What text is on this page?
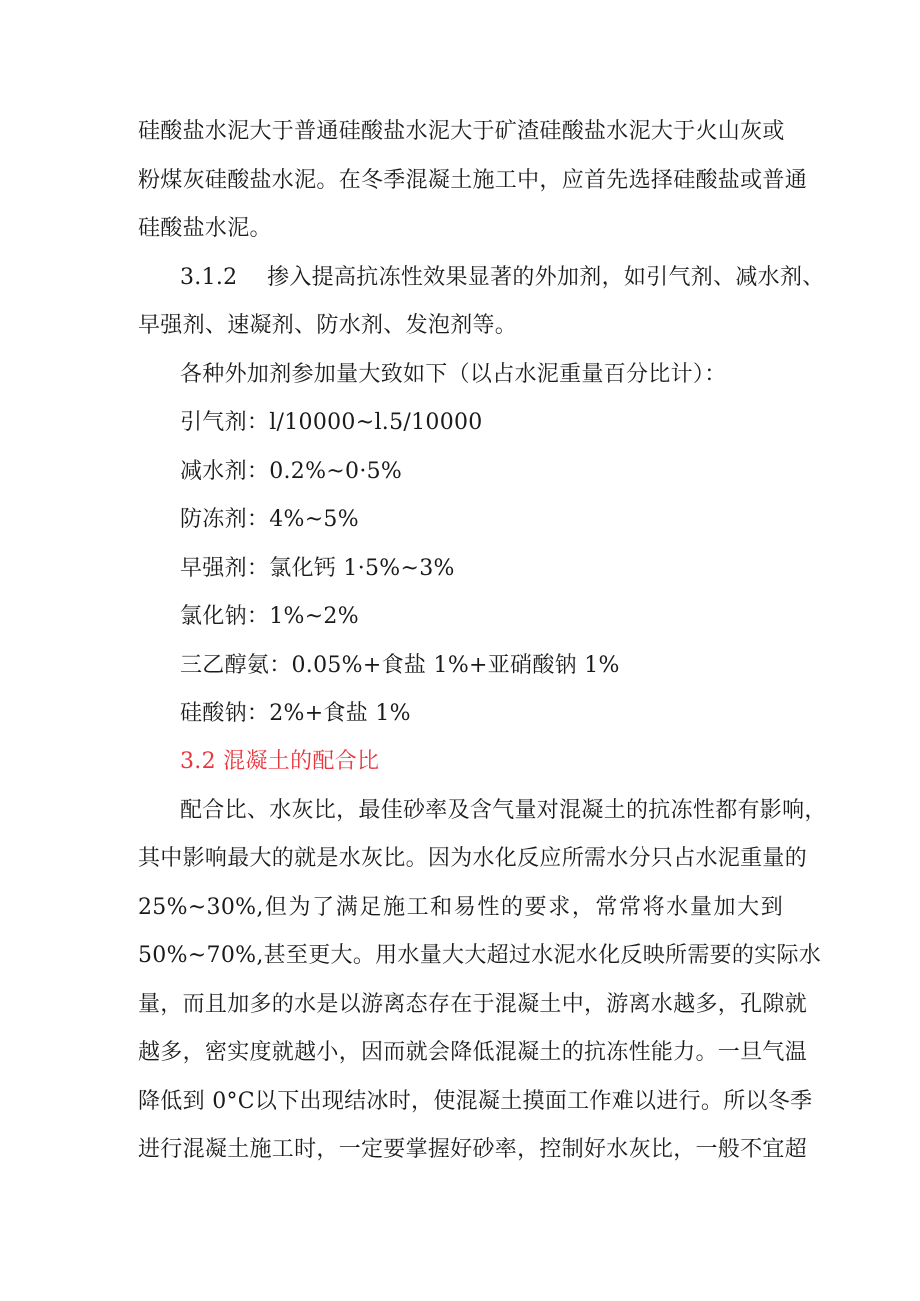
硅酸盐水泥大于普通硅酸盐水泥大于矿渣硅酸盐水泥大于火山灰或
粉煤灰硅酸盐水泥。在冬季混凝土施工中，应首先选择硅酸盐或普通
硅酸盐水泥。
3.1.2　 掺入提高抗冻性效果显著的外加剂，如引气剂、减水剂、
早强剂、速凝剂、防水剂、发泡剂等。
各种外加剂参加量大致如下（以占水泥重量百分比计）：
引气剂：l/10000~l.5/10000
减水剂：0.2%~0·5%
防冻剂：4%~5%
早强剂：氯化钙 1·5%~3%
氯化钠：1%~2%
三乙醇氨：0.05%+食盐 1%+亚硝酸钠 1%
硅酸钠：2%+食盐 1%
3.2 混凝土的配合比
配合比、水灰比，最佳砂率及含气量对混凝土的抗冻性都有影响，
其中影响最大的就是水灰比。因为水化反应所需水分只占水泥重量的
25%~30%,但为了满足施工和易性的要求，常常将水量加大到
50%~70%,甚至更大。用水量大大超过水泥水化反映所需要的实际水
量，而且加多的水是以游离态存在于混凝土中，游离水越多，孔隙就
越多，密实度就越小，因而就会降低混凝土的抗冻性能力。一旦气温
降低到 0°C以下出现结冰时，使混凝土摸面工作难以进行。所以冬季
进行混凝土施工时，一定要掌握好砂率，控制好水灰比，一般不宜超
